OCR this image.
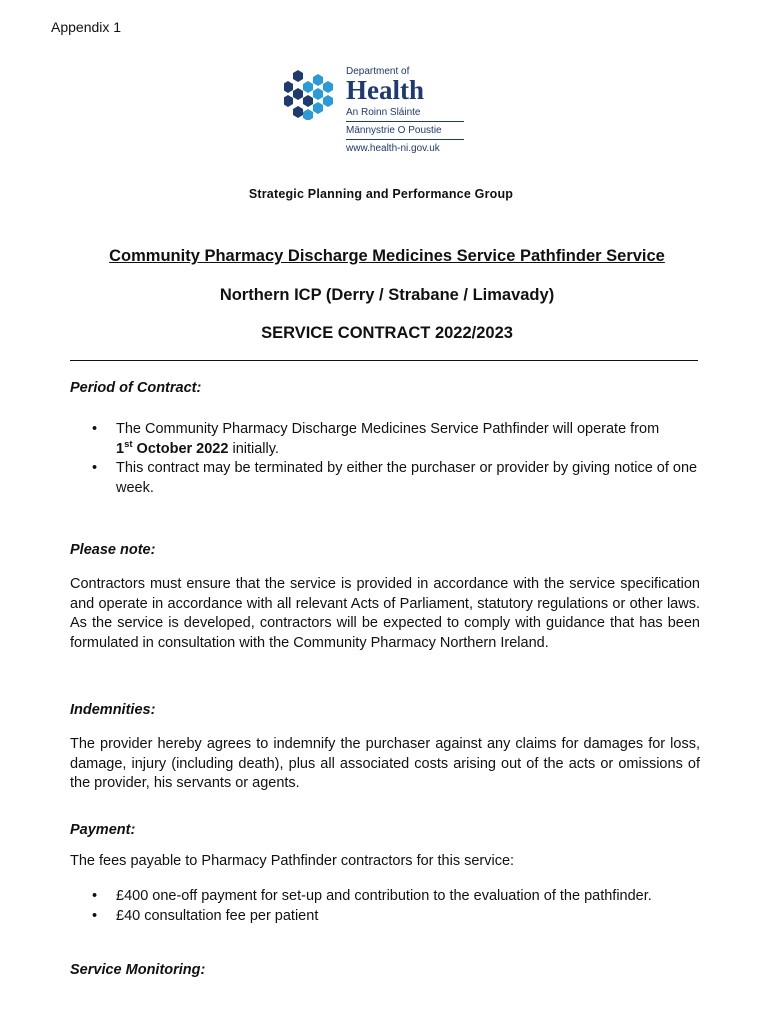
Appendix 1
Department of
Health
An Roinn Sláinte
Männystrie O Poustie
www.health-ni.gov.uk
Strategic Planning and Performance Group
Community Pharmacy Discharge Medicines Service Pathfinder Service
Northern ICP (Derry / Strabane / Limavady)
SERVICE CONTRACT 2022/2023
Period of Contract:
• The Community Pharmacy Discharge Medicines Service Pathfinder will operate from
1st October 2022 initially.
• This contract may be terminated by either the purchaser or provider by giving notice of one week.
Please note:
Contractors must ensure that the service is provided in accordance with the service specification and operate in accordance with all relevant Acts of Parliament, statutory regulations or other laws. As the service is developed, contractors will be expected to comply with guidance that has been formulated in consultation with the Community Pharmacy Northern Ireland.
Indemnities:
The provider hereby agrees to indemnify the purchaser against any claims for damages for loss, damage, injury (including death), plus all associated costs arising out of the acts or omissions of the provider, his servants or agents.
Payment:
The fees payable to Pharmacy Pathfinder contractors for this service:
• £400 one-off payment for set-up and contribution to the evaluation of the pathfinder.
• £40 consultation fee per patient
Service Monitoring:
